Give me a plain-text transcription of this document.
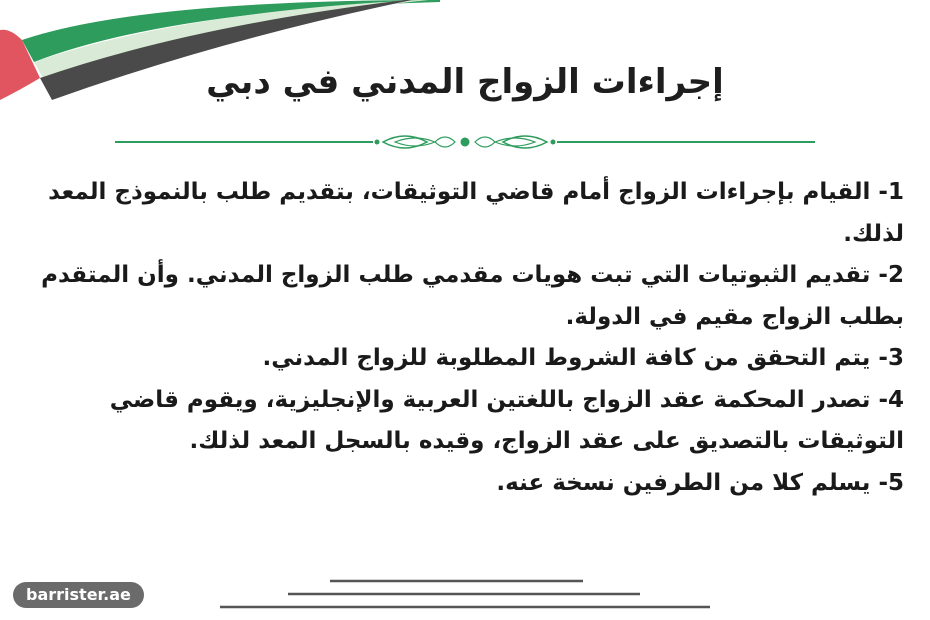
إجراءات الزواج المدني في دبي

1- القيام بإجراءات الزواج أمام قاضي التوثيقات، بتقديم طلب بالنموذج المعد لذلك.

2- تقديم الثبوتيات التي تبت هويات مقدمي طلب الزواج المدني. وأن المتقدم بطلب الزواج مقيم في الدولة.

3- يتم التحقق من كافة الشروط المطلوبة للزواج المدني.

4- تصدر المحكمة عقد الزواج باللغتين العربية والإنجليزية، ويقوم قاضي التوثيقات بالتصديق على عقد الزواج، وقيده بالسجل المعد لذلك.

5- يسلم كلا من الطرفين نسخة عنه.

barrister.ae
